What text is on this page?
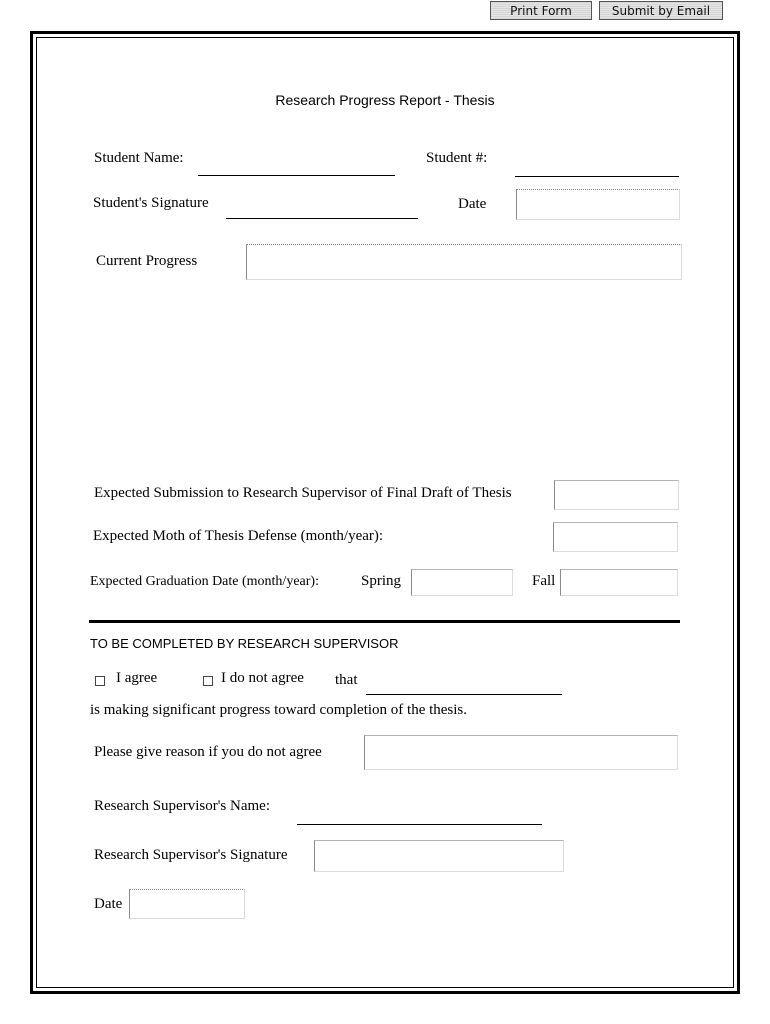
Print Form	Submit by Email
Research Progress Report - Thesis
Student Name:	Student #:
Student's Signature	Date
Current Progress
Expected Submission to Research Supervisor of Final Draft of Thesis
Expected Moth of Thesis Defense (month/year):
Expected Graduation Date (month/year):	Spring	Fall
TO BE COMPLETED BY RESEARCH SUPERVISOR
I agree	I do not agree that
is making significant progress toward completion of the thesis.
Please give reason if you do not agree
Research Supervisor's Name:
Research Supervisor's Signature
Date
